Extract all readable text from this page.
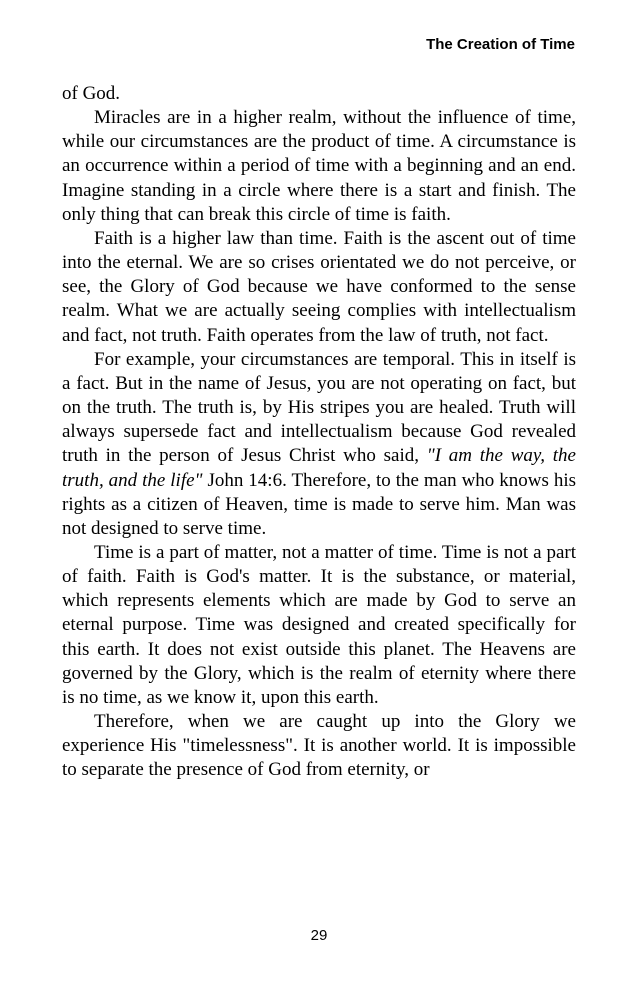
The Creation of Time

of God.

Miracles are in a higher realm, without the influence of time, while our circumstances are the product of time. A circumstance is an occurrence within a period of time with a beginning and an end. Imagine standing in a circle where there is a start and finish. The only thing that can break this circle of time is faith.

Faith is a higher law than time. Faith is the ascent out of time into the eternal. We are so crises orientated we do not perceive, or see, the Glory of God because we have conformed to the sense realm. What we are actually seeing complies with intellectualism and fact, not truth. Faith operates from the law of truth, not fact.

For example, your circumstances are temporal. This in itself is a fact. But in the name of Jesus, you are not operating on fact, but on the truth. The truth is, by His stripes you are healed. Truth will always supersede fact and intellectualism because God revealed truth in the person of Jesus Christ who said, "I am the way, the truth, and the life" John 14:6. Therefore, to the man who knows his rights as a citizen of Heaven, time is made to serve him. Man was not designed to serve time.

Time is a part of matter, not a matter of time. Time is not a part of faith. Faith is God's matter. It is the substance, or material, which represents elements which are made by God to serve an eternal purpose. Time was designed and created specifically for this earth. It does not exist outside this planet. The Heavens are governed by the Glory, which is the realm of eternity where there is no time, as we know it, upon this earth.

Therefore, when we are caught up into the Glory we experience His "timelessness". It is another world. It is impossible to separate the presence of God from eternity, or

29
